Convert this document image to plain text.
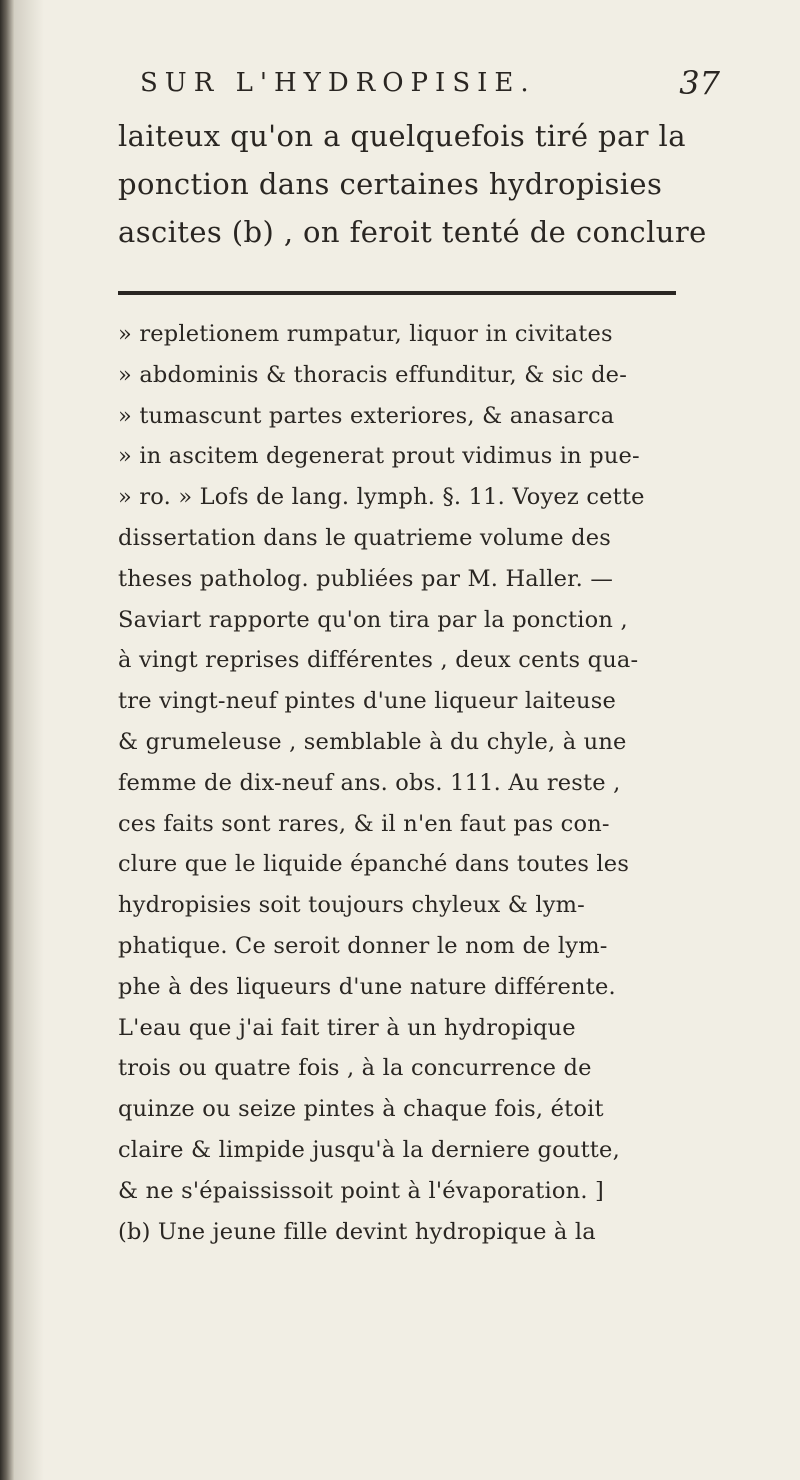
SUR L'HYDROPISIE.	37
laiteux qu'on a quelquefois tiré par la
ponction dans certaines hydropisies
ascites (b) , on feroit tenté de conclure
» repletionem rumpatur, liquor in civitates
» abdominis & thoracis effunditur, & sic de-
» tumascunt partes exteriores, & anasarca
» in ascitem degenerat prout vidimus in pue-
» ro. » Lofs de lang. lymph. §. 11. Voyez cette
dissertation dans le quatrieme volume des
theses patholog. publiées par M. Haller. —
Saviart rapporte qu'on tira par la ponction ,
à vingt reprises différentes , deux cents qua-
tre vingt-neuf pintes d'une liqueur laiteuse
& grumeleuse , semblable à du chyle, à une
femme de dix-neuf ans. obs. 111. Au reste ,
ces faits sont rares, & il n'en faut pas con-
clure que le liquide épanché dans toutes les
hydropisies soit toujours chyleux & lym-
phatique. Ce seroit donner le nom de lym-
phe à des liqueurs d'une nature différente.
L'eau que j'ai fait tirer à un hydropique
trois ou quatre fois , à la concurrence de
quinze ou seize pintes à chaque fois, étoit
claire & limpide jusqu'à la derniere goutte,
& ne s'épaississoit point à l'évaporation. ]
(b) Une jeune fille devint hydropique à la
